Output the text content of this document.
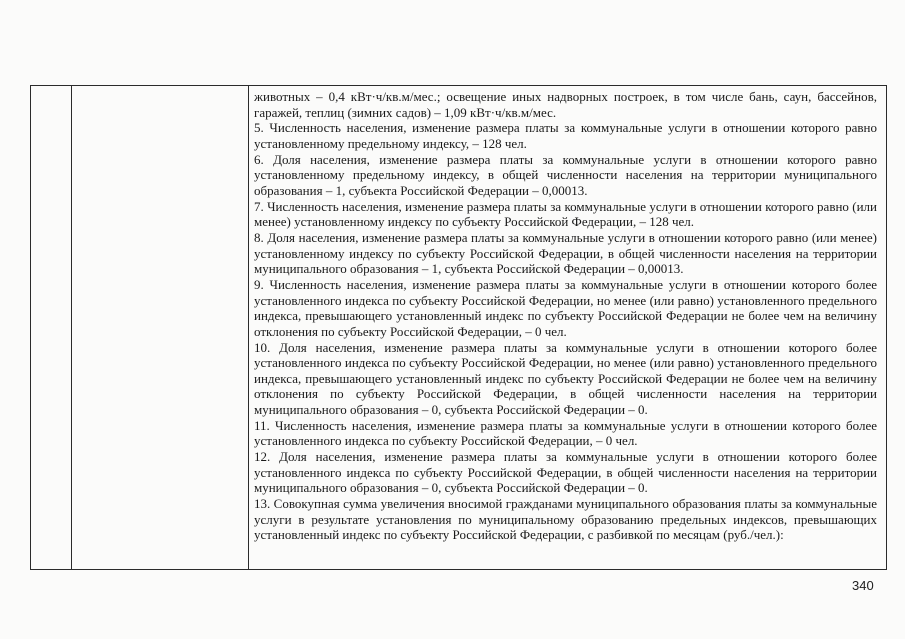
животных – 0,4 кВт·ч/кв.м/мес.; освещение иных надворных построек, в том числе бань, саун, бассейнов, гаражей, теплиц (зимних садов) – 1,09 кВт·ч/кв.м/мес.

5. Численность населения, изменение размера платы за коммунальные услуги в отношении которого равно установленному предельному индексу, – 128 чел.

6. Доля населения, изменение размера платы за коммунальные услуги в отношении которого равно установленному предельному индексу, в общей численности населения на территории муниципального образования – 1, субъекта Российской Федерации – 0,00013.

7. Численность населения, изменение размера платы за коммунальные услуги в отношении которого равно (или менее) установленному индексу по субъекту Российской Федерации, – 128 чел.

8. Доля населения, изменение размера платы за коммунальные услуги в отношении которого равно (или менее) установленному индексу по субъекту Российской Федерации, в общей численности населения на территории муниципального образования – 1, субъекта Российской Федерации – 0,00013.

9. Численность населения, изменение размера платы за коммунальные услуги в отношении которого более установленного индекса по субъекту Российской Федерации, но менее (или равно) установленного предельного индекса, превышающего установленный индекс по субъекту Российской Федерации не более чем на величину отклонения по субъекту Российской Федерации, – 0 чел.

10. Доля населения, изменение размера платы за коммунальные услуги в отношении которого более установленного индекса по субъекту Российской Федерации, но менее (или равно) установленного предельного индекса, превышающего установленный индекс по субъекту Российской Федерации не более чем на величину отклонения по субъекту Российской Федерации, в общей численности населения на территории муниципального образования – 0, субъекта Российской Федерации – 0.

11. Численность населения, изменение размера платы за коммунальные услуги в отношении которого более установленного индекса по субъекту Российской Федерации, – 0 чел.

12. Доля населения, изменение размера платы за коммунальные услуги в отношении которого более установленного индекса по субъекту Российской Федерации, в общей численности населения на территории муниципального образования – 0, субъекта Российской Федерации – 0.

13. Совокупная сумма увеличения вносимой гражданами муниципального образования платы за коммунальные услуги в результате установления по муниципальному образованию предельных индексов, превышающих установленный индекс по субъекту Российской Федерации, с разбивкой по месяцам (руб./чел.):

340
